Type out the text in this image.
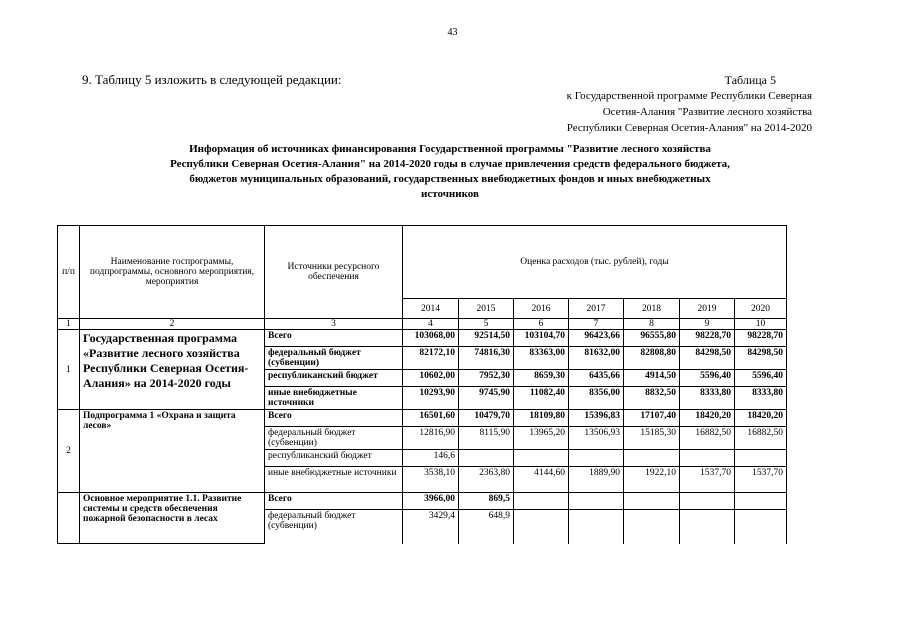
43
9. Таблицу 5 изложить в следующей редакции:	Таблица 5
к Государственной программе Республики Северная
Осетия-Алания "Развитие лесного хозяйства
Республики Северная Осетия-Алания" на 2014-2020
Информация об источниках финансирования Государственной программы "Развитие лесного хозяйства
Республики Северная Осетия-Алания" на 2014-2020 годы в случае привлечения средств федерального бюджета,
бюджетов муниципальных образований, государственных внебюджетных фондов и иных внебюджетных
источников
п/п	Наименование госпрограммы, подпрограммы, основного мероприятия, мероприятия	Источники ресурсного обеспечения	Оценка расходов (тыс. рублей), годы						
			2014	2015	2016	2017	2018	2019	2020
1	2	3	4	5	6	7	8	9	10
1	Государственная программа «Развитие лесного хозяйства Республики Северная Осетия-Алания» на 2014-2020 годы	Всего	103068,00	92514,50	103104,70	96423,66	96555,80	98228,70	98228,70
		федеральный бюджет (субвенции)	82172,10	74816,30	83363,00	81632,00	82808,80	84298,50	84298,50
		республиканский бюджет	10602,00	7952,30	8659,30	6435,66	4914,50	5596,40	5596,40
		иные внебюджетные источники	10293,90	9745,90	11082,40	8356,00	8832,50	8333,80	8333,80
2	Подпрограмма 1 «Охрана и защита лесов»	Всего	16501,60	10479,70	18109,80	15396,83	17107,40	18420,20	18420,20
		федеральный бюджет (субвенции)	12816,90	8115,90	13965,20	13506,93	15185,30	16882,50	16882,50
		республиканский бюджет	146,6						
		иные внебюджетные источники	3538,10	2363,80	4144,60	1889,90	1922,10	1537,70	1537,70
	Основное мероприятие 1.1. Развитие системы и средств обеспечения пожарной безопасности в лесах	Всего	3966,00	869,5					
		федеральный бюджет (субвенции)	3429,4	648,9					
